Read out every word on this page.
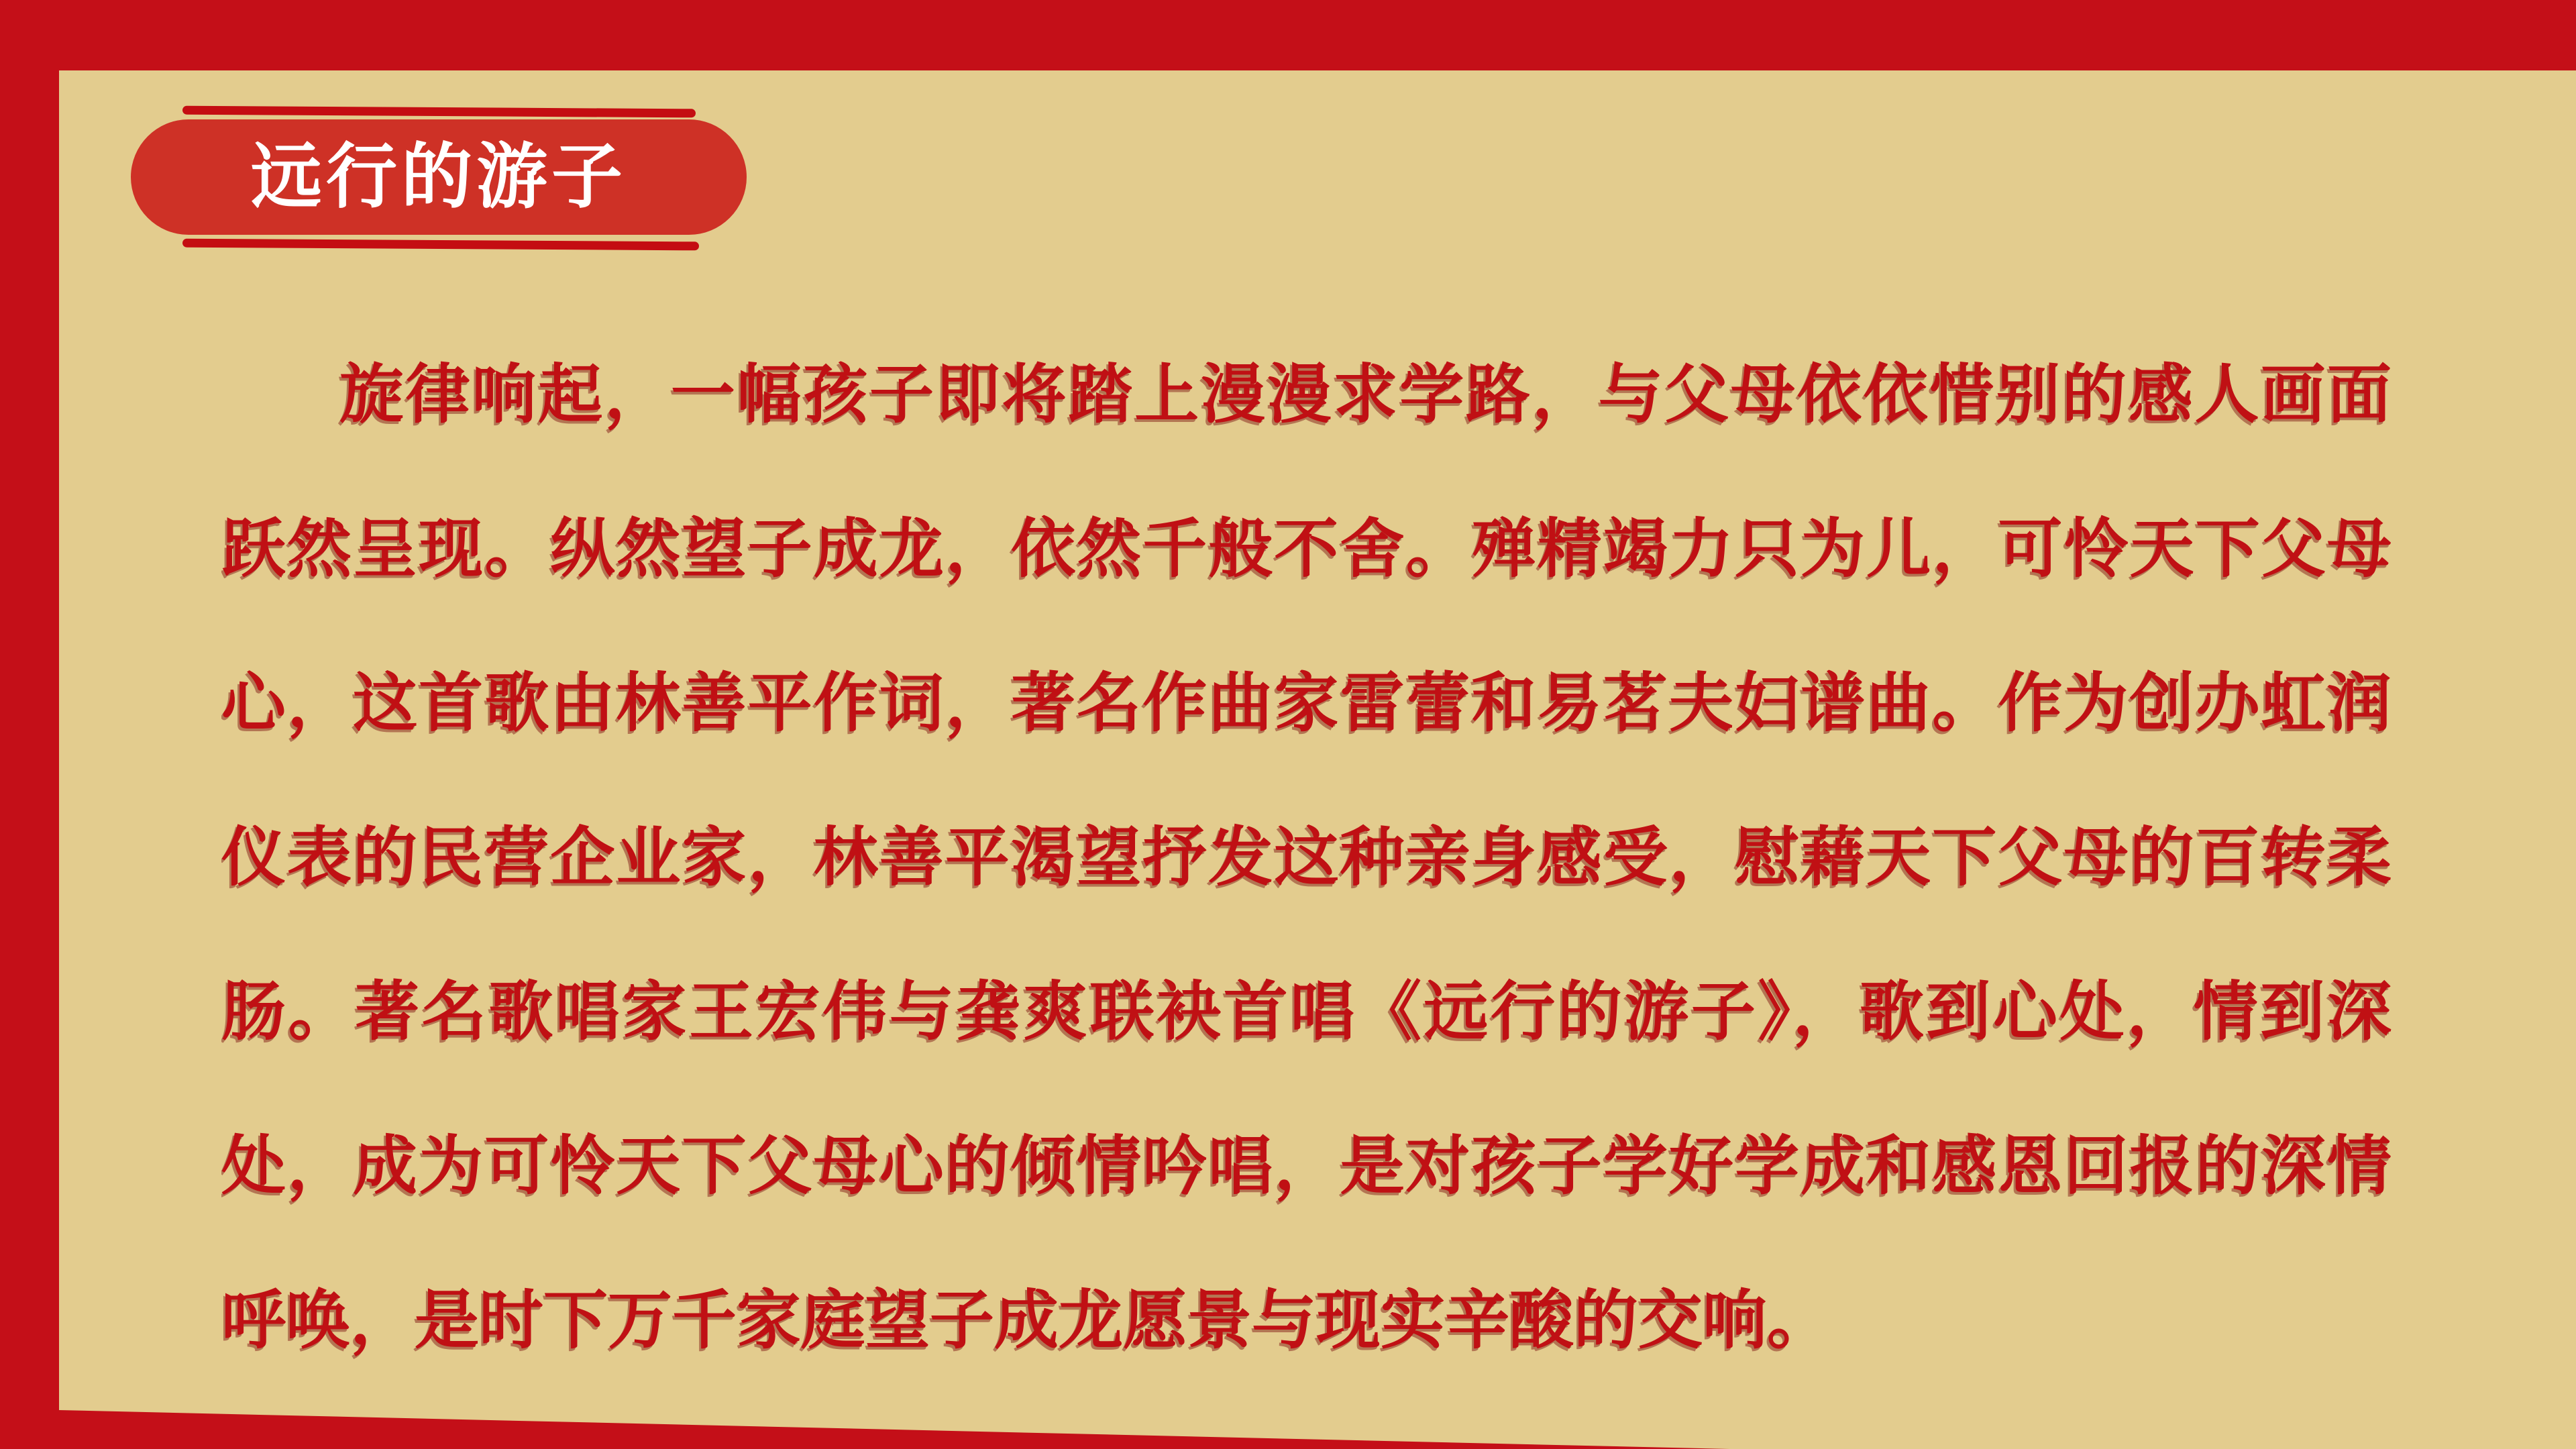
远行的游子
旋律响起，一幅孩子即将踏上漫漫求学路，与父母依依惜别的感人画面
跃然呈现。纵然望子成龙，依然千般不舍。殚精竭力只为儿，可怜天下父母
心，这首歌由林善平作词，著名作曲家雷蕾和易茗夫妇谱曲。作为创办虹润
仪表的民营企业家，林善平渴望抒发这种亲身感受，慰藉天下父母的百转柔
肠。著名歌唱家王宏伟与龚爽联袂首唱《远行的游子》，歌到心处，情到深
处，成为可怜天下父母心的倾情吟唱，是对孩子学好学成和感恩回报的深情
呼唤，是时下万千家庭望子成龙愿景与现实辛酸的交响。
